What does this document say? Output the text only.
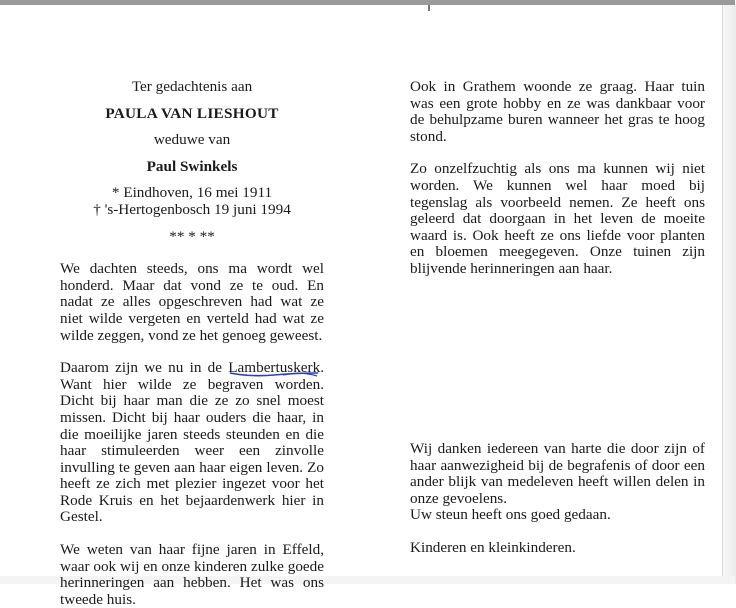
Ter gedachtenis aan
PAULA VAN LIESHOUT
weduwe van
Paul Swinkels
* Eindhoven, 16 mei 1911
† 's-Hertogenbosch 19 juni 1994
** * **

We dachten steeds, ons ma wordt wel honderd. Maar dat vond ze te oud. En nadat ze alles opgeschreven had wat ze niet wilde vergeten en verteld had wat ze wilde zeggen, vond ze het genoeg geweest.

Daarom zijn we nu in de Lambertuskerk
. Want hier wilde ze begraven worden. Dicht bij haar man die ze zo snel moest missen. Dicht bij haar ouders die haar, in die moeilijke jaren steeds steunden en die haar stimuleerden weer een zinvolle invulling te geven aan haar eigen leven. Zo heeft ze zich met plezier ingezet voor het Rode Kruis en het bejaardenwerk hier in Gestel.

We weten van haar fijne jaren in Effeld, waar ook wij en onze kinderen zulke goede herinneringen aan hebben. Het was ons tweede huis.

Ook in Grathem woonde ze graag. Haar tuin was een grote hobby en ze was dankbaar voor de behulpzame buren wanneer het gras te hoog stond.

Zo onzelfzuchtig als ons ma kunnen wij niet worden. We kunnen wel haar moed bij tegenslag als voorbeeld nemen. Ze heeft ons geleerd dat doorgaan in het leven de moeite waard is. Ook heeft ze ons liefde voor planten en bloemen meegegeven. Onze tuinen zijn blijvende herinneringen aan haar.

Wij danken iedereen van harte die door zijn of haar aanwezigheid bij de begrafenis of door een ander blijk van medeleven heeft willen delen in onze gevoelens.

Uw steun heeft ons goed gedaan.

Kinderen en kleinkinderen.
